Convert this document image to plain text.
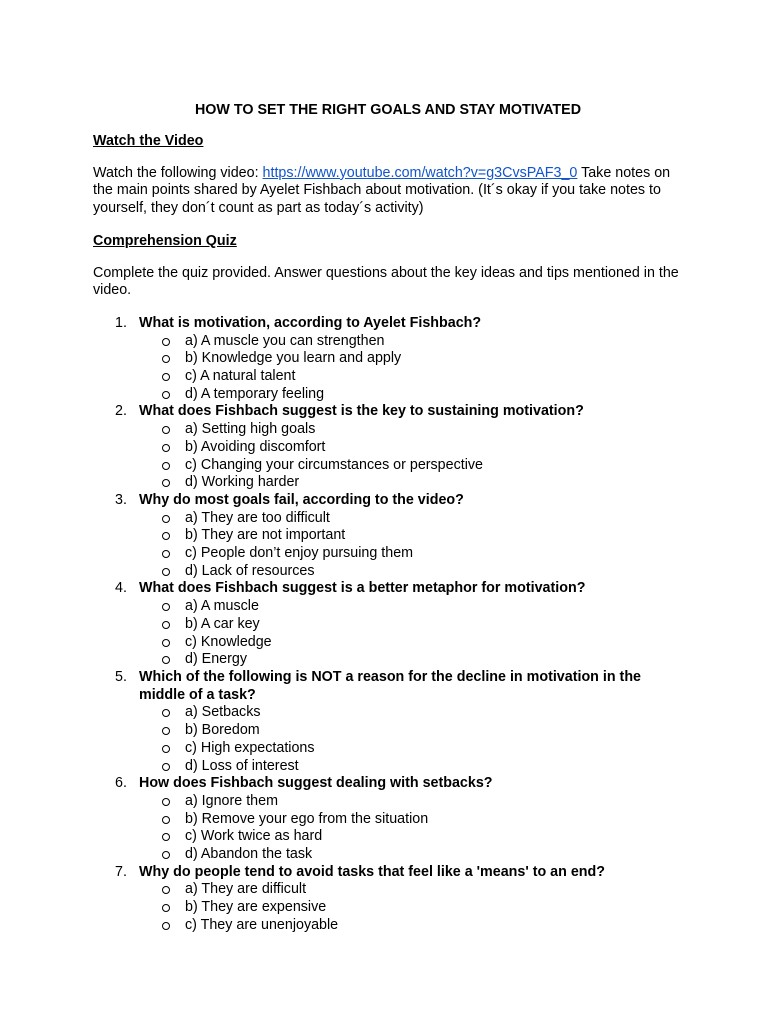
HOW TO SET THE RIGHT GOALS AND STAY MOTIVATED

Watch the Video

Watch the following video: https://www.youtube.com/watch?v=g3CvsPAF3_0 Take notes on the main points shared by Ayelet Fishbach about motivation. (It´s okay if you take notes to yourself, they don´t count as part as today´s activity)

Comprehension Quiz

Complete the quiz provided. Answer questions about the key ideas and tips mentioned in the video.

1. What is motivation, according to Ayelet Fishbach?
a) A muscle you can strengthen
b) Knowledge you learn and apply
c) A natural talent
d) A temporary feeling
2. What does Fishbach suggest is the key to sustaining motivation?
a) Setting high goals
b) Avoiding discomfort
c) Changing your circumstances or perspective
d) Working harder
3. Why do most goals fail, according to the video?
a) They are too difficult
b) They are not important
c) People don’t enjoy pursuing them
d) Lack of resources
4. What does Fishbach suggest is a better metaphor for motivation?
a) A muscle
b) A car key
c) Knowledge
d) Energy
5. Which of the following is NOT a reason for the decline in motivation in the middle of a task?
a) Setbacks
b) Boredom
c) High expectations
d) Loss of interest
6. How does Fishbach suggest dealing with setbacks?
a) Ignore them
b) Remove your ego from the situation
c) Work twice as hard
d) Abandon the task
7. Why do people tend to avoid tasks that feel like a 'means' to an end?
a) They are difficult
b) They are expensive
c) They are unenjoyable
